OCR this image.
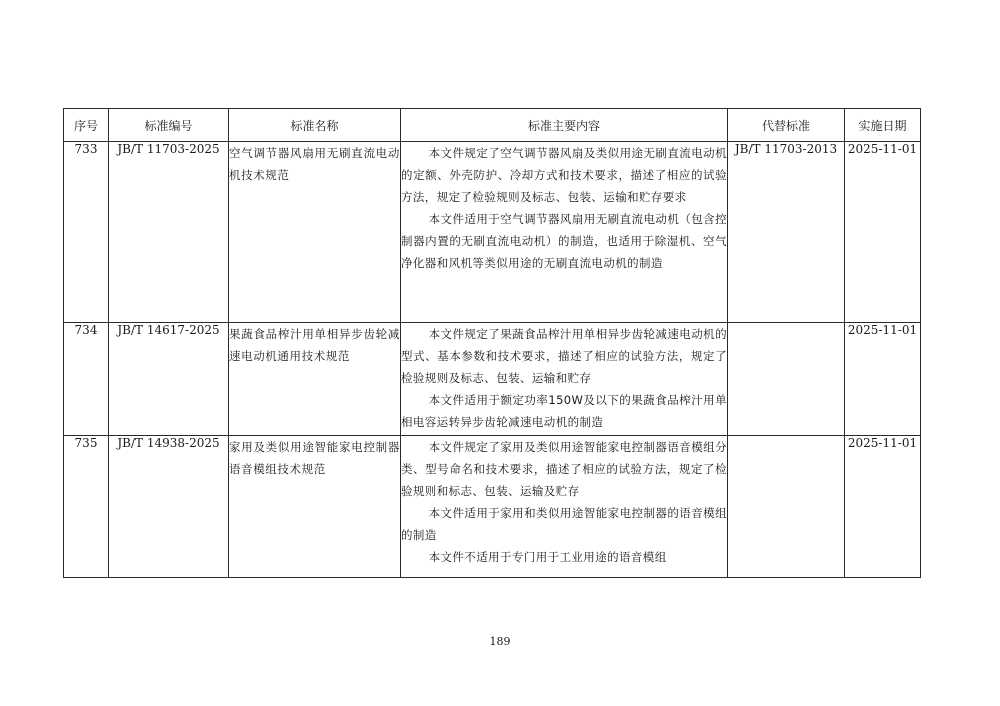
序号	标准编号	标准名称	标准主要内容	代替标准	实施日期
733	JB/T 11703-2025	空气调节器风扇用无刷直流电动机技术规范	本文件规定了空气调节器风扇及类似用途无刷直流电动机的定额、外壳防护、冷却方式和技术要求，描述了相应的试验方法，规定了检验规则及标志、包装、运输和贮存要求

本文件适用于空气调节器风扇用无刷直流电动机（包含控制器内置的无刷直流电动机）的制造，也适用于除湿机、空气净化器和风机等类似用途的无刷直流电动机的制造	JB/T 11703-2013	2025-11-01
734	JB/T 14617-2025	果蔬食品榨汁用单相异步齿轮减速电动机通用技术规范	本文件规定了果蔬食品榨汁用单相异步齿轮减速电动机的型式、基本参数和技术要求，描述了相应的试验方法，规定了检验规则及标志、包装、运输和贮存

本文件适用于额定功率150W及以下的果蔬食品榨汁用单相电容运转异步齿轮减速电动机的制造		2025-11-01
735	JB/T 14938-2025	家用及类似用途智能家电控制器 语音模组技术规范	本文件规定了家用及类似用途智能家电控制器语音模组分类、型号命名和技术要求，描述了相应的试验方法，规定了检验规则和标志、包装、运输及贮存

本文件适用于家用和类似用途智能家电控制器的语音模组的制造

本文件不适用于专门用于工业用途的语音模组		2025-11-01
189
